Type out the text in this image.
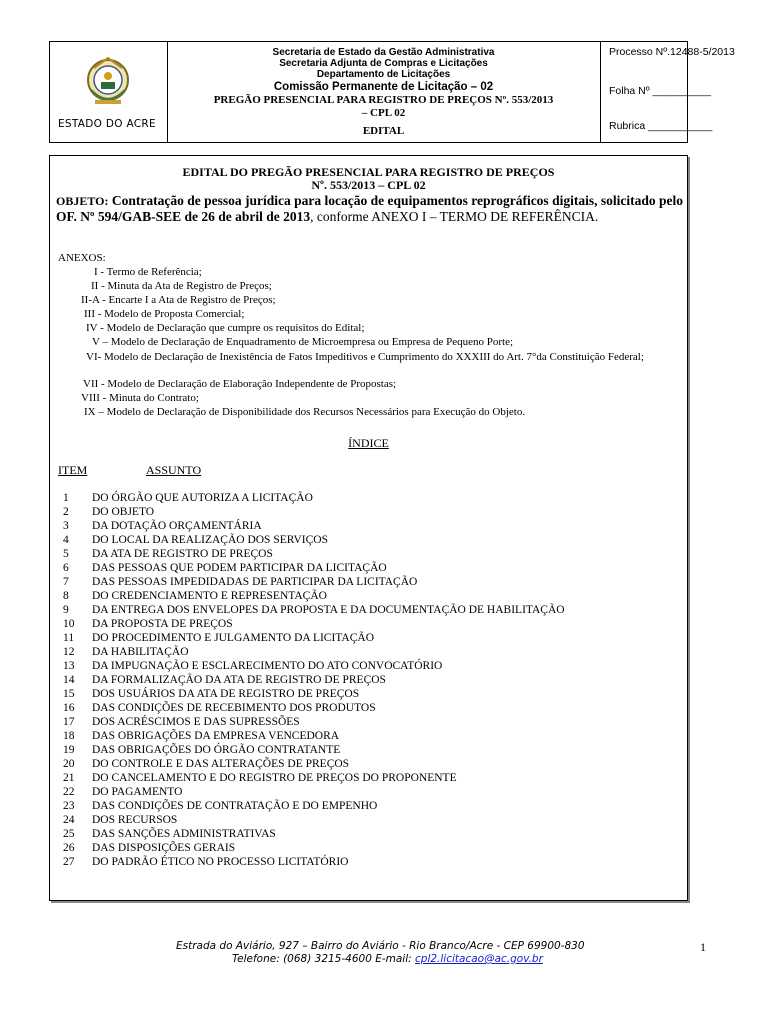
ESTADO DO ACRE
Secretaria de Estado da Gestão Administrativa
Secretaria Adjunta de Compras e Licitações
Departamento de Licitações
Comissão Permanente de Licitação – 02
PREGÃO PRESENCIAL PARA REGISTRO DE PREÇOS Nº. 553/2013
– CPL 02
EDITAL
Processo Nº.12488-5/2013
Folha Nº __________
Rubrica ___________
EDITAL DO PREGÃO PRESENCIAL PARA REGISTRO DE PREÇOS
Nº. 553/2013 – CPL 02
OBJETO: Contratação de pessoa jurídica para locação de equipamentos reprográficos digitais, solicitado pelo OF. Nº 594/GAB-SEE de 26 de abril de 2013, conforme ANEXO I – TERMO DE REFERÊNCIA.
ANEXOS:
I - Termo de Referência;
II - Minuta da Ata de Registro de Preços;
II-A - Encarte I a Ata de Registro de Preços;
III - Modelo de Proposta Comercial;
IV - Modelo de Declaração que cumpre os requisitos do Edital;
V – Modelo de Declaração de Enquadramento de Microempresa ou Empresa de Pequeno Porte;
VI- Modelo de Declaração de Inexistência de Fatos Impeditivos e Cumprimento do XXXIII do Art. 7°da Constituição Federal;
VII - Modelo de Declaração de Elaboração Independente de Propostas;
VIII - Minuta do Contrato;
IX – Modelo de Declaração de Disponibilidade dos Recursos Necessários para Execução do Objeto.
ÍNDICE
ITEM	ASSUNTO
1	DO ÓRGÃO QUE AUTORIZA A LICITAÇÃO
2	DO OBJETO
3	DA DOTAÇÃO ORÇAMENTÁRIA
4	DO LOCAL DA REALIZAÇÃO DOS SERVIÇOS
5	DA ATA DE REGISTRO DE PREÇOS
6	DAS PESSOAS QUE PODEM PARTICIPAR DA LICITAÇÃO
7	DAS PESSOAS IMPEDIDADAS DE PARTICIPAR DA LICITAÇÃO
8	DO CREDENCIAMENTO E REPRESENTAÇÃO
9	DA ENTREGA DOS ENVELOPES DA PROPOSTA E DA DOCUMENTAÇÃO DE HABILITAÇÃO
10	DA PROPOSTA DE PREÇOS
11	DO PROCEDIMENTO E JULGAMENTO DA LICITAÇÃO
12	DA HABILITAÇÃO
13	DA IMPUGNAÇÃO E ESCLARECIMENTO DO ATO CONVOCATÓRIO
14	DA FORMALIZAÇÃO DA ATA DE REGISTRO DE PREÇOS
15	DOS USUÁRIOS DA ATA DE REGISTRO DE PREÇOS
16	DAS CONDIÇÕES DE RECEBIMENTO DOS PRODUTOS
17	DOS ACRÉSCIMOS E DAS SUPRESSÕES
18	DAS OBRIGAÇÕES DA EMPRESA VENCEDORA
19	DAS OBRIGAÇÕES DO ÓRGÃO CONTRATANTE
20	DO CONTROLE E DAS ALTERAÇÕES DE PREÇOS
21	DO CANCELAMENTO E DO REGISTRO DE PREÇOS DO PROPONENTE
22	DO PAGAMENTO
23	DAS CONDIÇÕES DE CONTRATAÇÃO E DO EMPENHO
24	DOS RECURSOS
25	DAS SANÇÕES ADMINISTRATIVAS
26	DAS DISPOSIÇÕES GERAIS
27	DO PADRÃO ÉTICO NO PROCESSO LICITATÓRIO
Estrada do Aviário, 927 – Bairro do Aviário - Rio Branco/Acre - CEP 69900-830
Telefone: (068) 3215-4600 E-mail: cpl2.licitacao@ac.gov.br
1
